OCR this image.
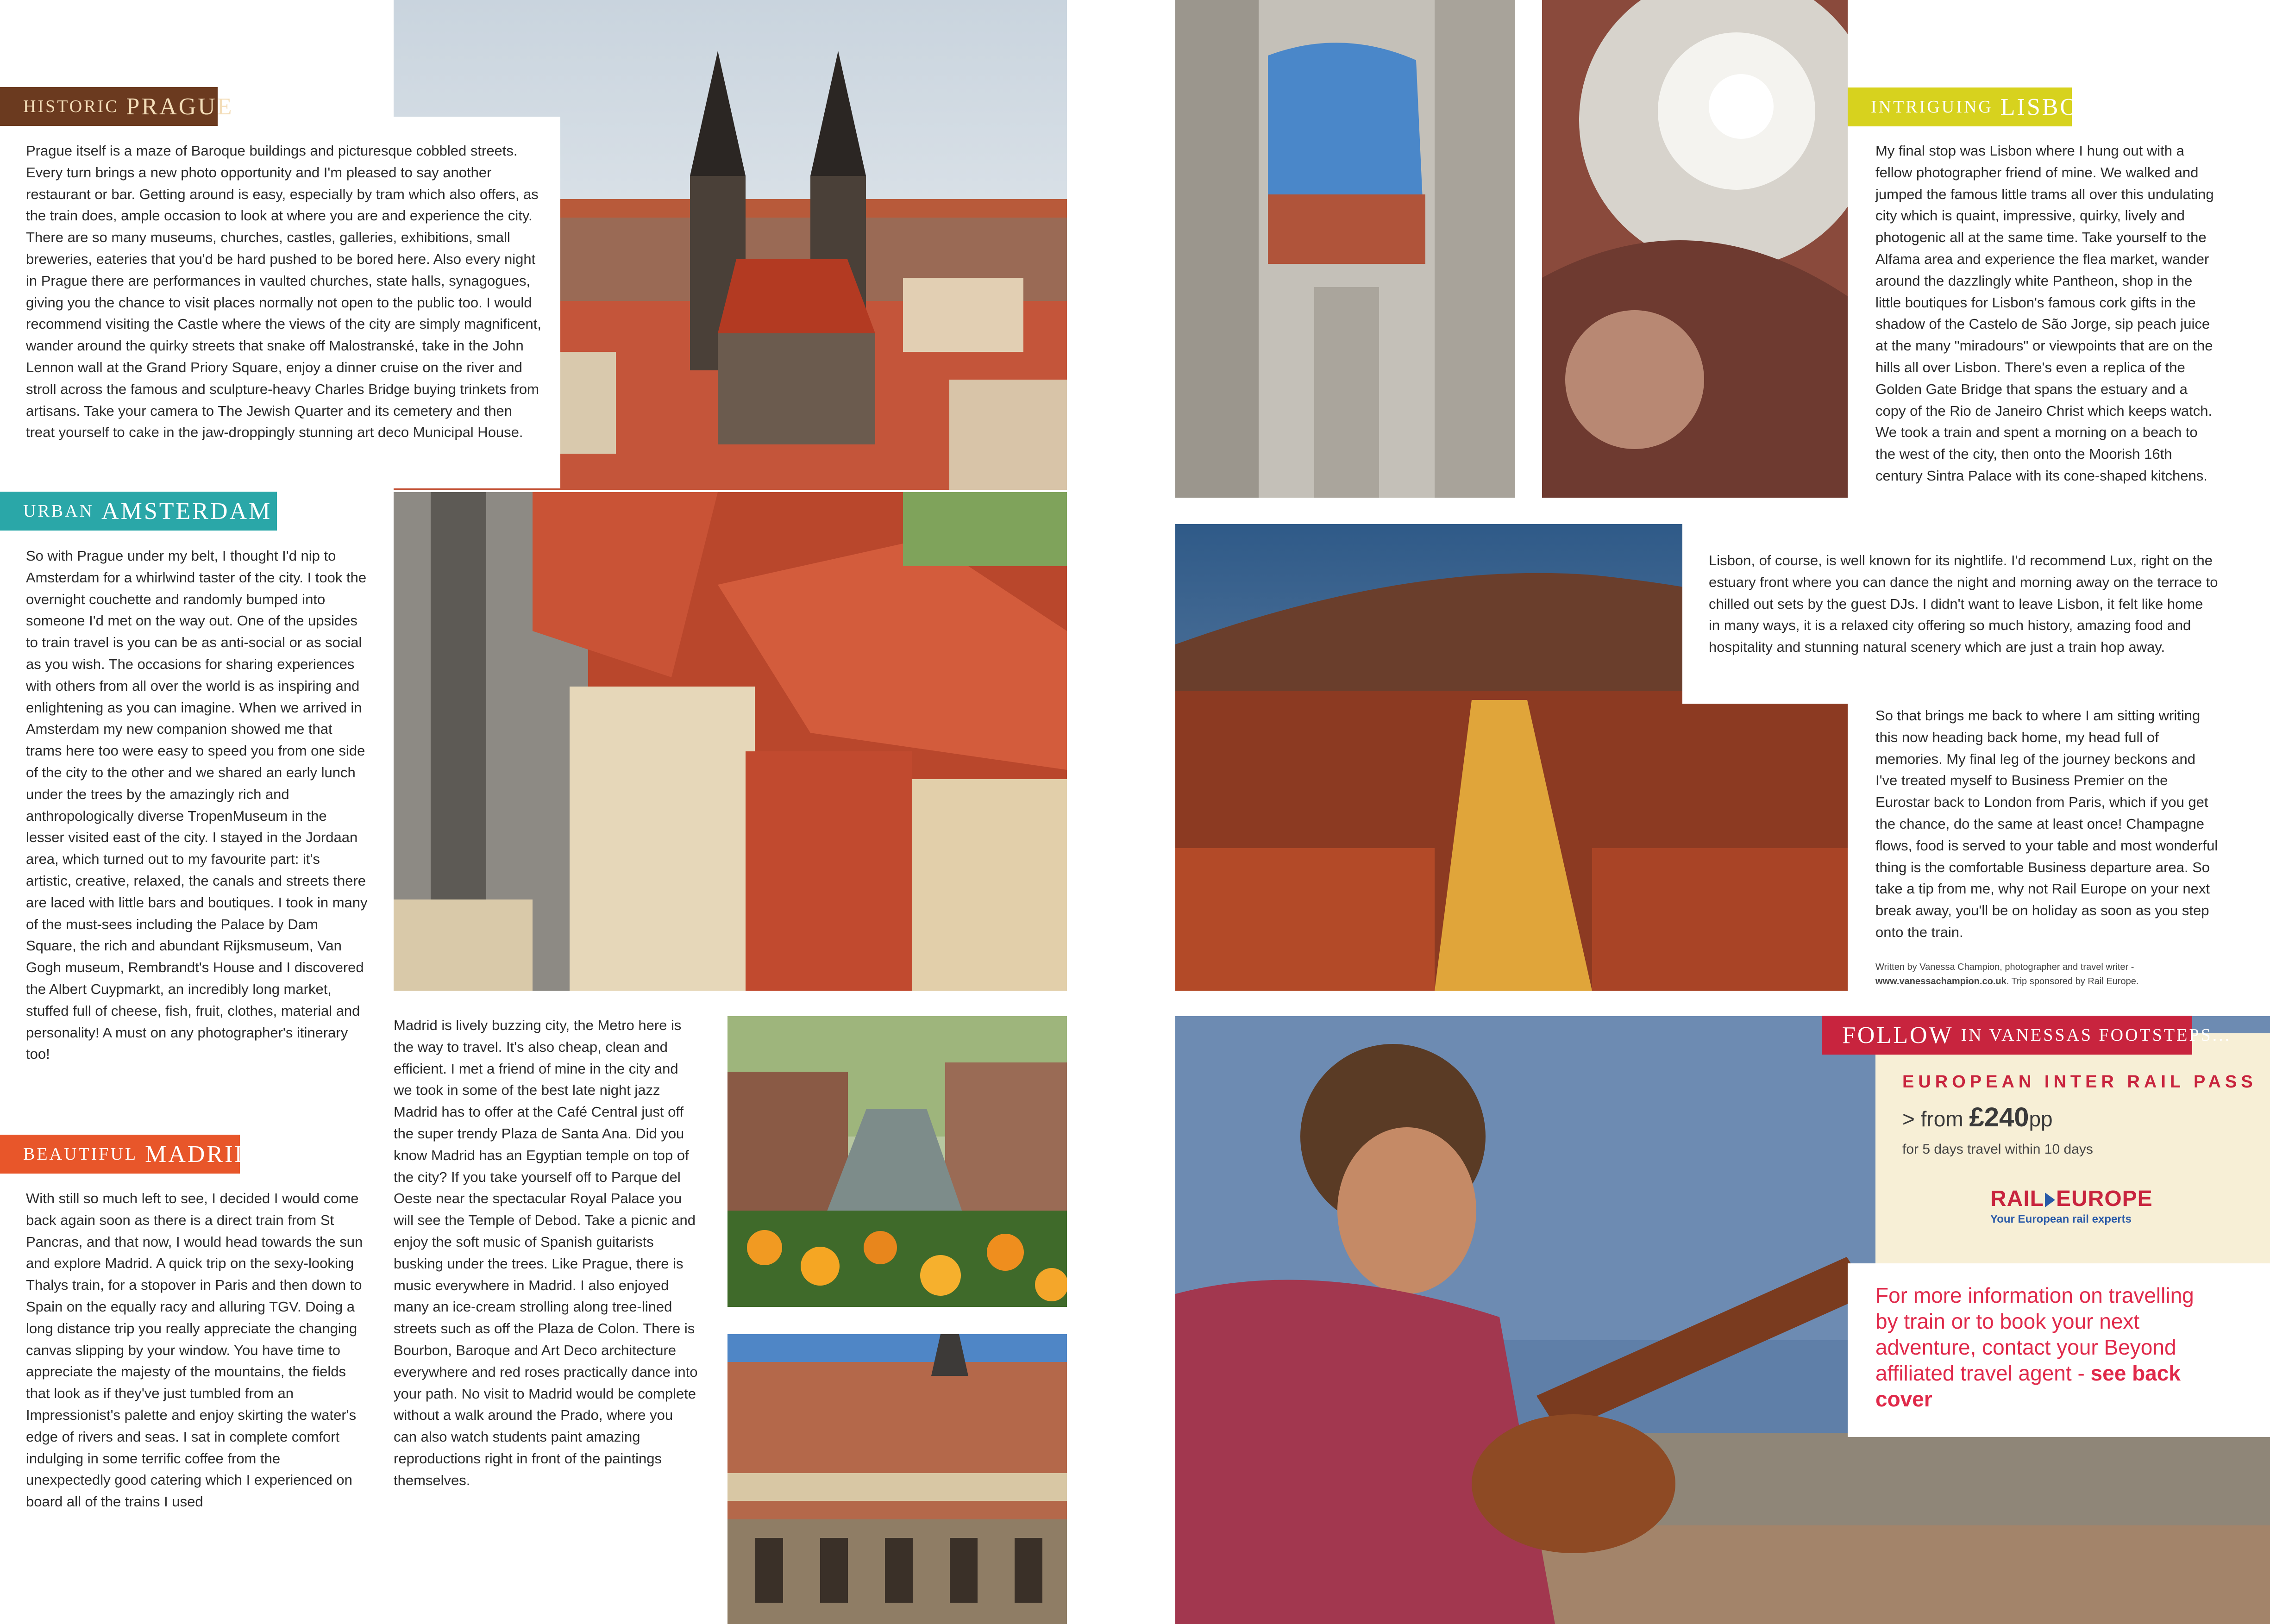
HISTORIC PRAGUE
Prague itself is a maze of Baroque buildings and picturesque cobbled streets. Every turn brings a new photo opportunity and I'm pleased to say another restaurant or bar. Getting around is easy, especially by tram which also offers, as the train does, ample occasion to look at where you are and experience the city. There are so many museums, churches, castles, galleries, exhibitions, small breweries, eateries that you'd be hard pushed to be bored here. Also every night in Prague there are performances in vaulted churches, state halls, synagogues, giving you the chance to visit places normally not open to the public too. I would recommend visiting the Castle where the views of the city are simply magnificent, wander around the quirky streets that snake off Malostranské, take in the John Lennon wall at the Grand Priory Square, enjoy a dinner cruise on the river and stroll across the famous and sculpture-heavy Charles Bridge buying trinkets from artisans. Take your camera to The Jewish Quarter and its cemetery and then treat yourself to cake in the jaw-droppingly stunning art deco Municipal House.
URBAN AMSTERDAM
So with Prague under my belt, I thought I'd nip to Amsterdam for a whirlwind taster of the city. I took the overnight couchette and randomly bumped into someone I'd met on the way out. One of the upsides to train travel is you can be as anti-social or as social as you wish. The occasions for sharing experiences with others from all over the world is as inspiring and enlightening as you can imagine. When we arrived in Amsterdam my new companion showed me that trams here too were easy to speed you from one side of the city to the other and we shared an early lunch under the trees by the amazingly rich and anthropologically diverse TropenMuseum in the lesser visited east of the city. I stayed in the Jordaan area, which turned out to my favourite part: it's artistic, creative, relaxed, the canals and streets there are laced with little bars and boutiques. I took in many of the must-sees including the Palace by Dam Square, the rich and abundant Rijksmuseum, Van Gogh museum, Rembrandt's House and I discovered the Albert Cuypmarkt, an incredibly long market, stuffed full of cheese, fish, fruit, clothes, material and personality! A must on any photographer's itinerary too!
BEAUTIFUL MADRID
With still so much left to see, I decided I would come back again soon as there is a direct train from St Pancras, and that now, I would head towards the sun and explore Madrid. A quick trip on the sexy-looking Thalys train, for a stopover in Paris and then down to Spain on the equally racy and alluring TGV. Doing a long distance trip you really appreciate the changing canvas slipping by your window. You have time to appreciate the majesty of the mountains, the fields that look as if they've just tumbled from an Impressionist's palette and enjoy skirting the water's edge of rivers and seas. I sat in complete comfort indulging in some terrific coffee from the unexpectedly good catering which I experienced on board all of the trains I used
Madrid is lively buzzing city, the Metro here is the way to travel. It's also cheap, clean and efficient. I met a friend of mine in the city and we took in some of the best late night jazz Madrid has to offer at the Café Central just off the super trendy Plaza de Santa Ana. Did you know Madrid has an Egyptian temple on top of the city? If you take yourself off to Parque del Oeste near the spectacular Royal Palace you will see the Temple of Debod. Take a picnic and enjoy the soft music of Spanish guitarists busking under the trees. Like Prague, there is music everywhere in Madrid. I also enjoyed many an ice-cream strolling along tree-lined streets such as off the Plaza de Colon. There is Bourbon, Baroque and Art Deco architecture everywhere and red roses practically dance into your path. No visit to Madrid would be complete without a walk around the Prado, where you can also watch students paint amazing reproductions right in front of the paintings themselves.
INTRIGUING LISBON
My final stop was Lisbon where I hung out with a fellow photographer friend of mine. We walked and jumped the famous little trams all over this undulating city which is quaint, impressive, quirky, lively and photogenic all at the same time. Take yourself to the Alfama area and experience the flea market, wander around the dazzlingly white Pantheon, shop in the little boutiques for Lisbon's famous cork gifts in the shadow of the Castelo de São Jorge, sip peach juice at the many "miradours" or viewpoints that are on the hills all over Lisbon. There's even a replica of the Golden Gate Bridge that spans the estuary and a copy of the Rio de Janeiro Christ which keeps watch. We took a train and spent a morning on a beach to the west of the city, then onto the Moorish 16th century Sintra Palace with its cone-shaped kitchens.
Lisbon, of course, is well known for its nightlife. I'd recommend Lux, right on the estuary front where you can dance the night and morning away on the terrace to chilled out sets by the guest DJs. I didn't want to leave Lisbon, it felt like home in many ways, it is a relaxed city offering so much history, amazing food and hospitality and stunning natural scenery which are just a train hop away.
So that brings me back to where I am sitting writing this now heading back home, my head full of memories. My final leg of the journey beckons and I've treated myself to Business Premier on the Eurostar back to London from Paris, which if you get the chance, do the same at least once! Champagne flows, food is served to your table and most wonderful thing is the comfortable Business departure area. So take a tip from me, why not Rail Europe on your next break away, you'll be on holiday as soon as you step onto the train.
Written by Vanessa Champion, photographer and travel writer - www.vanessachampion.co.uk. Trip sponsored by Rail Europe.
FOLLOW IN VANESSAS FOOTSTEPS...
EUROPEAN INTER RAIL PASS
> from £240pp
for 5 days travel within 10 days
RAIL EUROPE
Your European rail experts
For more information on travelling by train or to book your next adventure, contact your Beyond affiliated travel agent - see back cover
